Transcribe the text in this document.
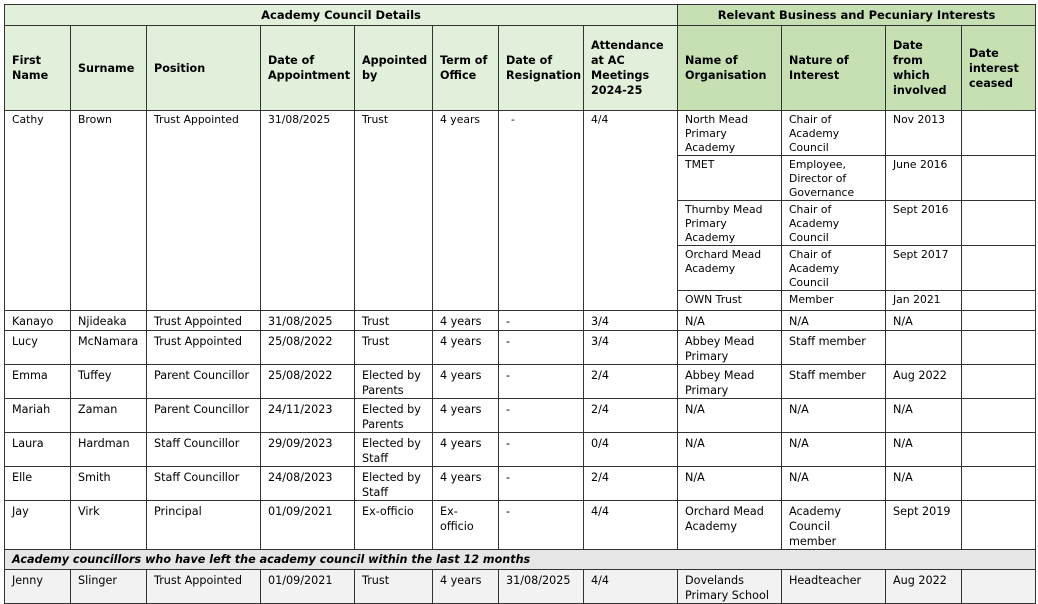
Academy Council Details								Relevant Business and Pecuniary Interests			
First Name	Surname	Position	Date of Appointment	Appointed by	Term of Office	Date of Resignation	Attendance at AC Meetings 2024-25	Name of Organisation	Nature of Interest	Date from which involved	Date interest ceased
Cathy	Brown	Trust Appointed	31/08/2025	Trust	4 years	-	4/4	North Mead Primary Academy	Chair of Academy Council	Nov 2013	
								TMET	Employee, Director of Governance	June 2016	
								Thurnby Mead Primary Academy	Chair of Academy Council	Sept 2016	
								Orchard Mead Academy	Chair of Academy Council	Sept 2017	
								OWN Trust	Member	Jan 2021	
Kanayo	Njideaka	Trust Appointed	31/08/2025	Trust	4 years	-	3/4	N/A	N/A	N/A	
Lucy	McNamara	Trust Appointed	25/08/2022	Trust	4 years	-	3/4	Abbey Mead Primary	Staff member		
Emma	Tuffey	Parent Councillor	25/08/2022	Elected by Parents	4 years	-	2/4	Abbey Mead Primary	Staff member	Aug 2022	
Mariah	Zaman	Parent Councillor	24/11/2023	Elected by Parents	4 years	-	2/4	N/A	N/A	N/A	
Laura	Hardman	Staff Councillor	29/09/2023	Elected by Staff	4 years	-	0/4	N/A	N/A	N/A	
Elle	Smith	Staff Councillor	24/08/2023	Elected by Staff	4 years	-	2/4	N/A	N/A	N/A	
Jay	Virk	Principal	01/09/2021	Ex-officio	Ex-officio	-	4/4	Orchard Mead Academy	Academy Council member	Sept 2019	
Academy councillors who have left the academy council within the last 12 months											
Jenny	Slinger	Trust Appointed	01/09/2021	Trust	4 years	31/08/2025	4/4	Dovelands Primary School	Headteacher	Aug 2022	
